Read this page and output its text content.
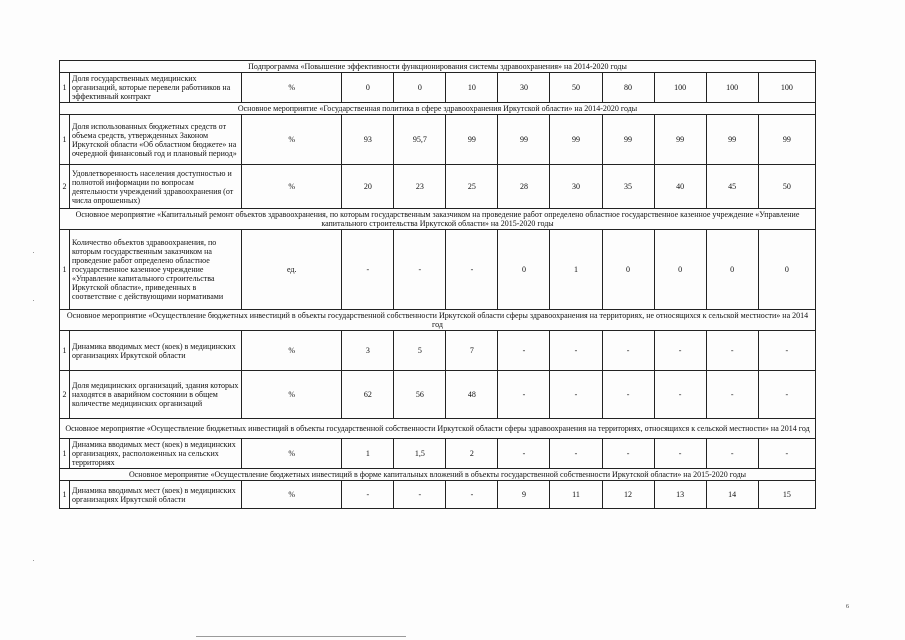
Подпрограмма «Повышение эффективности функционирования системы здравоохранения» на 2014-2020 годы											
1	Доля государственных медицинских организаций, которые перевели работников на эффективный контракт	%	0	0	10	30	50	80	100	100	100
Основное мероприятие «Государственная политика в сфере здравоохранения Иркутской области» на 2014-2020 годы											
1	Доля использованных бюджетных средств от объема средств, утвержденных Законом Иркутской области «Об областном бюджете» на очередной финансовый год и плановый период»	%	93	95,7	99	99	99	99	99	99	99
2	Удовлетворенность населения доступностью и полнотой информации по вопросам деятельности учреждений здравоохранения (от числа опрошенных)	%	20	23	25	28	30	35	40	45	50
Основное мероприятие «Капитальный ремонт объектов здравоохранения, по которым государственным заказчиком на проведение работ определено областное государственное казенное учреждение «Управление капитального строительства Иркутской области» на 2015-2020 годы											
1	Количество объектов здравоохранения, по которым государственным заказчиком на проведение работ определено областное государственное казенное учреждение «Управление капитального строительства Иркутской области», приведенных в соответствие с действующими нормативами	ед.	-	-	-	0	1	0	0	0	0
Основное мероприятие «Осуществление бюджетных инвестиций в объекты государственной собственности Иркутской области сферы здравоохранения на территориях, не относящихся к сельской местности» на 2014 год											
1	Динамика вводимых мест (коек) в медицинских организациях Иркутской области	%	3	5	7	-	-	-	-	-	-
2	Доля медицинских организаций, здания которых находятся в аварийном состоянии в общем количестве медицинских организаций	%	62	56	48	-	-	-	-	-	-
Основное мероприятие «Осуществление бюджетных инвестиций в объекты государственной собственности Иркутской области сферы здравоохранения на территориях, относящихся к сельской местности» на 2014 год											
1	Динамика вводимых мест (коек) в медицинских организациях, расположенных на сельских территориях	%	1	1,5	2	-	-	-	-	-	-
Основное мероприятие «Осуществление бюджетных инвестиций в форме капитальных вложений в объекты государственной собственности Иркутской области» на 2015-2020 годы											
1	Динамика вводимых мест (коек) в медицинских организациях Иркутской области	%	-	-	-	9	11	12	13	14	15
6
